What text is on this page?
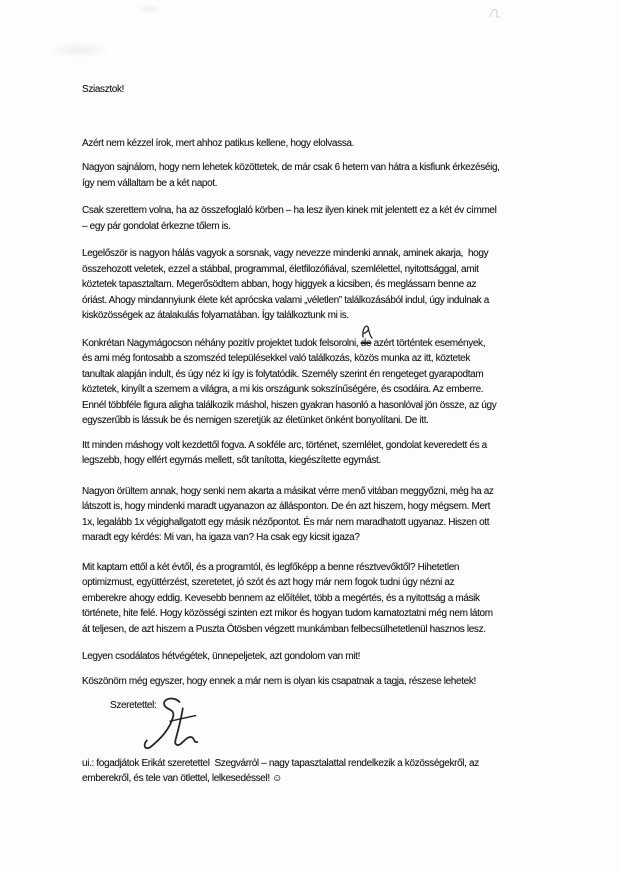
Sziasztok!
Azért nem kézzel írok, mert ahhoz patikus kellene, hogy elolvassa.
Nagyon sajnálom, hogy nem lehetek közöttetek, de már csak 6 hetem van hátra a kisfiunk érkezéséig,
így nem vállaltam be a két napot.
Csak szerettem volna, ha az összefoglaló körben – ha lesz ilyen kinek mit jelentett ez a két év címmel
– egy pár gondolat érkezne tőlem is.
Legelőször is nagyon hálás vagyok a sorsnak, vagy nevezze mindenki annak, aminek akarja,  hogy
összehozott veletek, ezzel a stábbal, programmal, életfilozófiával, szemlélettel, nyitottsággal, amit
köztetek tapasztaltam. Megerősödtem abban, hogy higgyek a kicsiben, és meglássam benne az
óriást. Ahogy mindannyiunk élete két aprócska valami „véletlen” találkozásából indul, úgy indulnak a
kisközösségek az átalakulás folyamatában. Így találkoztunk mi is.
Konkrétan Nagymágocson néhány pozitív projektet tudok felsorolni, de
azért történtek események,
és ami még fontosabb a szomszéd településekkel való találkozás, közös munka az itt, köztetek
tanultak alapján indult, és úgy néz ki így is folytatódik. Személy szerint én rengeteget gyarapodtam
köztetek, kinyílt a szemem a világra, a mi kis országunk sokszínűségére, és csodáira. Az emberre.
Ennél többféle figura aligha találkozik máshol, hiszen gyakran hasonló a hasonlóval jön össze, az úgy
egyszerűbb is lássuk be és nemigen szeretjük az életünket önként bonyolítani. De itt.
Itt minden máshogy volt kezdettől fogva. A sokféle arc, történet, szemlélet, gondolat keveredett és a
legszebb, hogy elfért egymás mellett, sőt tanította, kiegészítette egymást.
Nagyon örültem annak, hogy senki nem akarta a másikat vérre menő vitában meggyőzni, még ha az
látszott is, hogy mindenki maradt ugyanazon az állásponton. De én azt hiszem, hogy mégsem. Mert
1x, legalább 1x végighallgatott egy másik nézőpontot. És már nem maradhatott ugyanaz. Hiszen ott
maradt egy kérdés: Mi van, ha igaza van? Ha csak egy kicsit igaza?
Mit kaptam ettől a két évtől, és a programtól, és legfőképp a benne résztvevőktől? Hihetetlen
optimizmust, együttérzést, szeretetet, jó szót és azt hogy már nem fogok tudni úgy nézni az
emberekre ahogy eddig. Kevesebb bennem az előítélet, több a megértés, és a nyitottság a másik
története, hite felé. Hogy közösségi szinten ezt mikor és hogyan tudom kamatoztatni még nem látom
át teljesen, de azt hiszem a Puszta Ötösben végzett munkámban felbecsülhetetlenül hasznos lesz.
Legyen csodálatos hétvégétek, ünnepeljetek, azt gondolom van mit!
Köszönöm még egyszer, hogy ennek a már nem is olyan kis csapatnak a tagja, részese lehetek!
Szeretettel:
ui.: fogadjátok Erikát szeretettel  Szegvárról – nagy tapasztalattal rendelkezik a közösségekről, az
emberekről, és tele van ötlettel, lelkesedéssel! ☺
